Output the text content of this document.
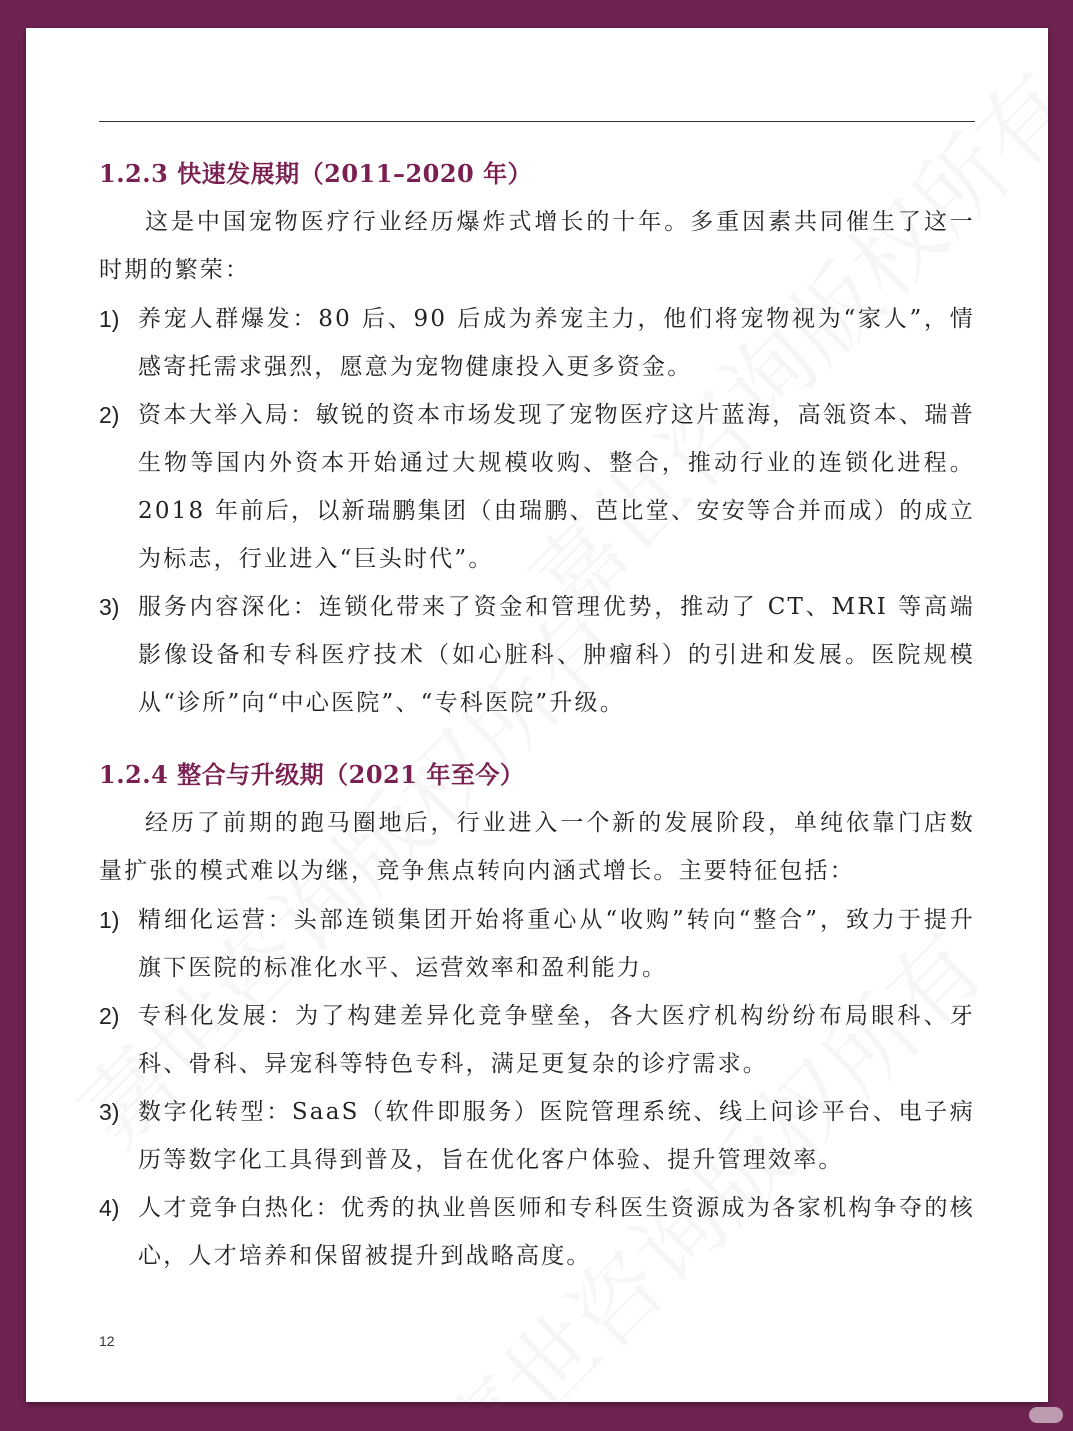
1.2.3 快速发展期（2011–2020 年）
这是中国宠物医疗行业经历爆炸式增长的十年。多重因素共同催生了这一时期的繁荣：
1) 养宠人群爆发：80 后、90 后成为养宠主力，他们将宠物视为“家人”，情感寄托需求强烈，愿意为宠物健康投入更多资金。
2) 资本大举入局：敏锐的资本市场发现了宠物医疗这片蓝海，高瓴资本、瑞普生物等国内外资本开始通过大规模收购、整合，推动行业的连锁化进程。2018 年前后，以新瑞鹏集团（由瑞鹏、芭比堂、安安等合并而成）的成立为标志，行业进入“巨头时代”。
3) 服务内容深化：连锁化带来了资金和管理优势，推动了 CT、MRI 等高端影像设备和专科医疗技术（如心脏科、肿瘤科）的引进和发展。医院规模从“诊所”向“中心医院”、“专科医院”升级。
1.2.4 整合与升级期（2021 年至今）
经历了前期的跑马圈地后，行业进入一个新的发展阶段，单纯依靠门店数量扩张的模式难以为继，竞争焦点转向内涵式增长。主要特征包括：
1) 精细化运营：头部连锁集团开始将重心从“收购”转向“整合”，致力于提升旗下医院的标准化水平、运营效率和盈利能力。
2) 专科化发展：为了构建差异化竞争壁垒，各大医疗机构纷纷布局眼科、牙科、骨科、异宠科等特色专科，满足更复杂的诊疗需求。
3) 数字化转型：SaaS（软件即服务）医院管理系统、线上问诊平台、电子病历等数字化工具得到普及，旨在优化客户体验、提升管理效率。
4) 人才竞争白热化：优秀的执业兽医师和专科医生资源成为各家机构争夺的核心，人才培养和保留被提升到战略高度。
12
